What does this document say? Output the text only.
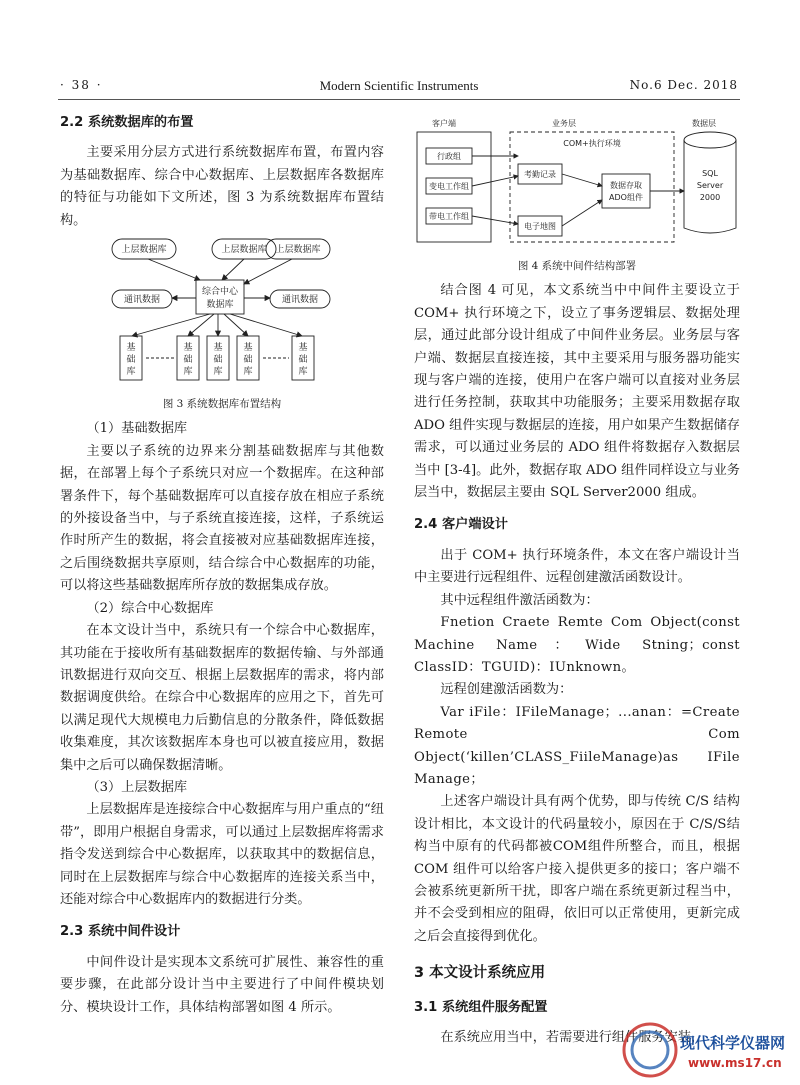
· 38 ·	Modern Scientific Instruments	No.6 Dec. 2018
2.2 系统数据库的布置

主要采用分层方式进行系统数据库布置，布置内容为基础数据库、综合中心数据库、上层数据库各数据库的特征与功能如下文所述，图 3 为系统数据库布置结构。

上层数据库	上层数据库 上层数据库
综合中心
数据库
通讯数据	通讯数据
基
础
库
基
础
库
基
础
库
基
础
库
基
础
库
图 3 系统数据库布置结构

（1）基础数据库

主要以子系统的边界来分割基础数据库与其他数据，在部署上每个子系统只对应一个数据库。在这种部署条件下，每个基础数据库可以直接存放在相应子系统的外接设备当中，与子系统直接连接，这样，子系统运作时所产生的数据，将会直接被对应基础数据库连接，之后围绕数据共享原则，结合综合中心数据库的功能，可以将这些基础数据库所存放的数据集成存放。

（2）综合中心数据库

在本文设计当中，系统只有一个综合中心数据库，其功能在于接收所有基础数据库的数据传输、与外部通讯数据进行双向交互、根据上层数据库的需求，将内部数据调度供给。在综合中心数据库的应用之下，首先可以满足现代大规模电力后勤信息的分散条件，降低数据收集难度，其次该数据库本身也可以被直接应用，数据集中之后可以确保数据清晰。

（3）上层数据库

上层数据库是连接综合中心数据库与用户重点的“纽带”，即用户根据自身需求，可以通过上层数据库将需求指令发送到综合中心数据库，以获取其中的数据信息，同时在上层数据库与综合中心数据库的连接关系当中，还能对综合中心数据库内的数据进行分类。

2.3 系统中间件设计

中间件设计是实现本文系统可扩展性、兼容性的重要步骤，在此部分设计当中主要进行了中间件模块划分、模块设计工作，具体结构部署如图 4 所示。

客户端	业务层	数据层
COM+执行环境
行政组
变电工作组
带电工作组
考勤记录
电子地图
数据存取
ADO组件
SQL
Server
2000
图 4 系统中间件结构部署

结合图 4 可见，本文系统当中中间件主要设立于 COM+ 执行环境之下，设立了事务逻辑层、数据处理层，通过此部分设计组成了中间件业务层。业务层与客户端、数据层直接连接，其中主要采用与服务器功能实现与客户端的连接，使用户在客户端可以直接对业务层进行任务控制，获取其中功能服务；主要采用数据存取 ADO 组件实现与数据层的连接，用户如果产生数据储存需求，可以通过业务层的 ADO 组件将数据存入数据层当中 [3-4]。此外，数据存取 ADO 组件同样设立与业务层当中，数据层主要由 SQL Server2000 组成。

2.4 客户端设计

出于 COM+ 执行环境条件，本文在客户端设计当中主要进行远程组件、远程创建激活函数设计。

其中远程组件激活函数为：

Fnetion Craete Remte Com Object(const Machine Name：Wide Stning；const ClassID：TGUID)：IUnknown。

远程创建激活函数为：

Var iFile：IFileManage；...anan：=Create Remote Com Object(‘killen’CLASS_FiileManage)as IFile Manage；

上述客户端设计具有两个优势，即与传统 C/S 结构设计相比，本文设计的代码量较小，原因在于 C/S/S结构当中原有的代码都被COM组件所整合，而且，根据 COM 组件可以给客户接入提供更多的接口；客户端不会被系统更新所干扰，即客户端在系统更新过程当中，并不会受到相应的阻碍，依旧可以正常使用，更新完成之后会直接得到优化。

3 本文设计系统应用
3.1 系统组件服务配置

在系统应用当中，若需要进行组件服务安装，

现代科学仪器网
www.ms17.cn
